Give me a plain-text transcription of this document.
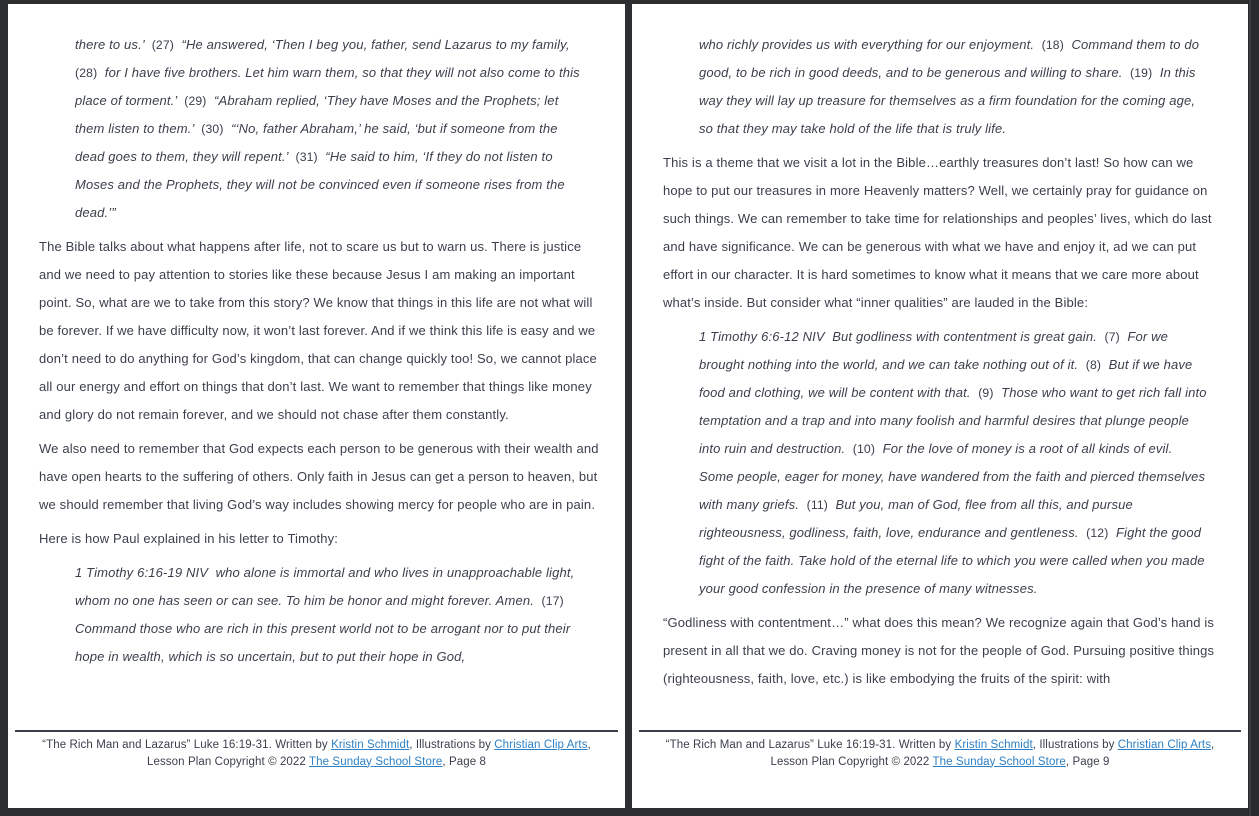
there to us.’  (27)  “He answered, ‘Then I beg you, father, send Lazarus to my family,  (28)  for I have five brothers. Let him warn them, so that they will not also come to this place of torment.’  (29)  “Abraham replied, ‘They have Moses and the Prophets; let them listen to them.’  (30)  “‘No, father Abraham,’ he said, ‘but if someone from the dead goes to them, they will repent.’  (31)  “He said to him, ‘If they do not listen to Moses and the Prophets, they will not be convinced even if someone rises from the dead.’”
The Bible talks about what happens after life, not to scare us but to warn us. There is justice and we need to pay attention to stories like these because Jesus I am making an important point. So, what are we to take from this story? We know that things in this life are not what will be forever. If we have difficulty now, it won’t last forever. And if we think this life is easy and we don’t need to do anything for God’s kingdom, that can change quickly too! So, we cannot place all our energy and effort on things that don’t last. We want to remember that things like money and glory do not remain forever, and we should not chase after them constantly.
We also need to remember that God expects each person to be generous with their wealth and have open hearts to the suffering of others. Only faith in Jesus can get a person to heaven, but we should remember that living God’s way includes showing mercy for people who are in pain.
Here is how Paul explained in his letter to Timothy:
1 Timothy 6:16-19 NIV  who alone is immortal and who lives in unapproachable light, whom no one has seen or can see. To him be honor and might forever. Amen.  (17)  Command those who are rich in this present world not to be arrogant nor to put their hope in wealth, which is so uncertain, but to put their hope in God,
“The Rich Man and Lazarus” Luke 16:19-31. Written by Kristin Schmidt, Illustrations by Christian Clip Arts, Lesson Plan Copyright © 2022 The Sunday School Store, Page 8
who richly provides us with everything for our enjoyment.  (18)  Command them to do good, to be rich in good deeds, and to be generous and willing to share.  (19)  In this way they will lay up treasure for themselves as a firm foundation for the coming age, so that they may take hold of the life that is truly life.
This is a theme that we visit a lot in the Bible…earthly treasures don’t last! So how can we hope to put our treasures in more Heavenly matters? Well, we certainly pray for guidance on such things. We can remember to take time for relationships and peoples’ lives, which do last and have significance. We can be generous with what we have and enjoy it, ad we can put effort in our character. It is hard sometimes to know what it means that we care more about what’s inside. But consider what “inner qualities” are lauded in the Bible:
1 Timothy 6:6-12 NIV  But godliness with contentment is great gain.  (7)  For we brought nothing into the world, and we can take nothing out of it.  (8)  But if we have food and clothing, we will be content with that.  (9)  Those who want to get rich fall into temptation and a trap and into many foolish and harmful desires that plunge people into ruin and destruction.  (10)  For the love of money is a root of all kinds of evil. Some people, eager for money, have wandered from the faith and pierced themselves with many griefs.  (11)  But you, man of God, flee from all this, and pursue righteousness, godliness, faith, love, endurance and gentleness.  (12)  Fight the good fight of the faith. Take hold of the eternal life to which you were called when you made your good confession in the presence of many witnesses.
“Godliness with contentment…” what does this mean? We recognize again that God’s hand is present in all that we do. Craving money is not for the people of God. Pursuing positive things (righteousness, faith, love, etc.) is like embodying the fruits of the spirit: with
“The Rich Man and Lazarus” Luke 16:19-31. Written by Kristin Schmidt, Illustrations by Christian Clip Arts, Lesson Plan Copyright © 2022 The Sunday School Store, Page 9
